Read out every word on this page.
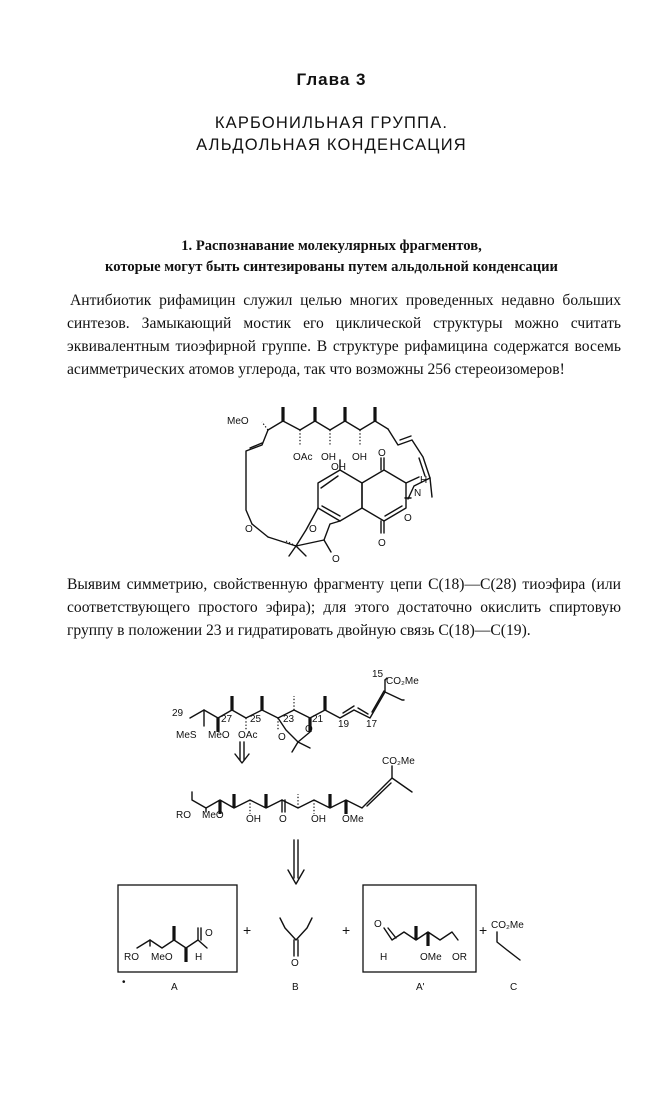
Глава 3
КАРБОНИЛЬНАЯ ГРУППА.
АЛЬДОЛЬНАЯ КОНДЕНСАЦИЯ
1. Распознавание молекулярных фрагментов,
которые могут быть синтезированы путем альдольной конденсации
Антибиотик рифамицин служил целью многих проведенных недавно больших синтезов. Замыкающий мостик его циклической структуры можно считать эквивалентным тиоэфирной группе. В структуре рифамицина содержатся восемь асимметрических атомов углерода, так что возможны 256 стереоизомеров!
Выявим симметрию, свойственную фрагменту цепи C(18)—C(28) тиоэфира (или соответствующего простого эфира); для этого достаточно окислить спиртовую группу в положении 23 и гидратировать двойную связь C(18)—C(19).
MeO
OAc OH OH
OH
O
H
N
O
O
O
O
O
29
27 25 23 21 19 17
15
CO₂Me
MeS MeO OAc O
O
CO₂Me
RO MeO OH O OH OMe
RO MeO
O
H
A
•
+
O
B
+ O
H	OMe OR
A'
+ CO₂Me
C
